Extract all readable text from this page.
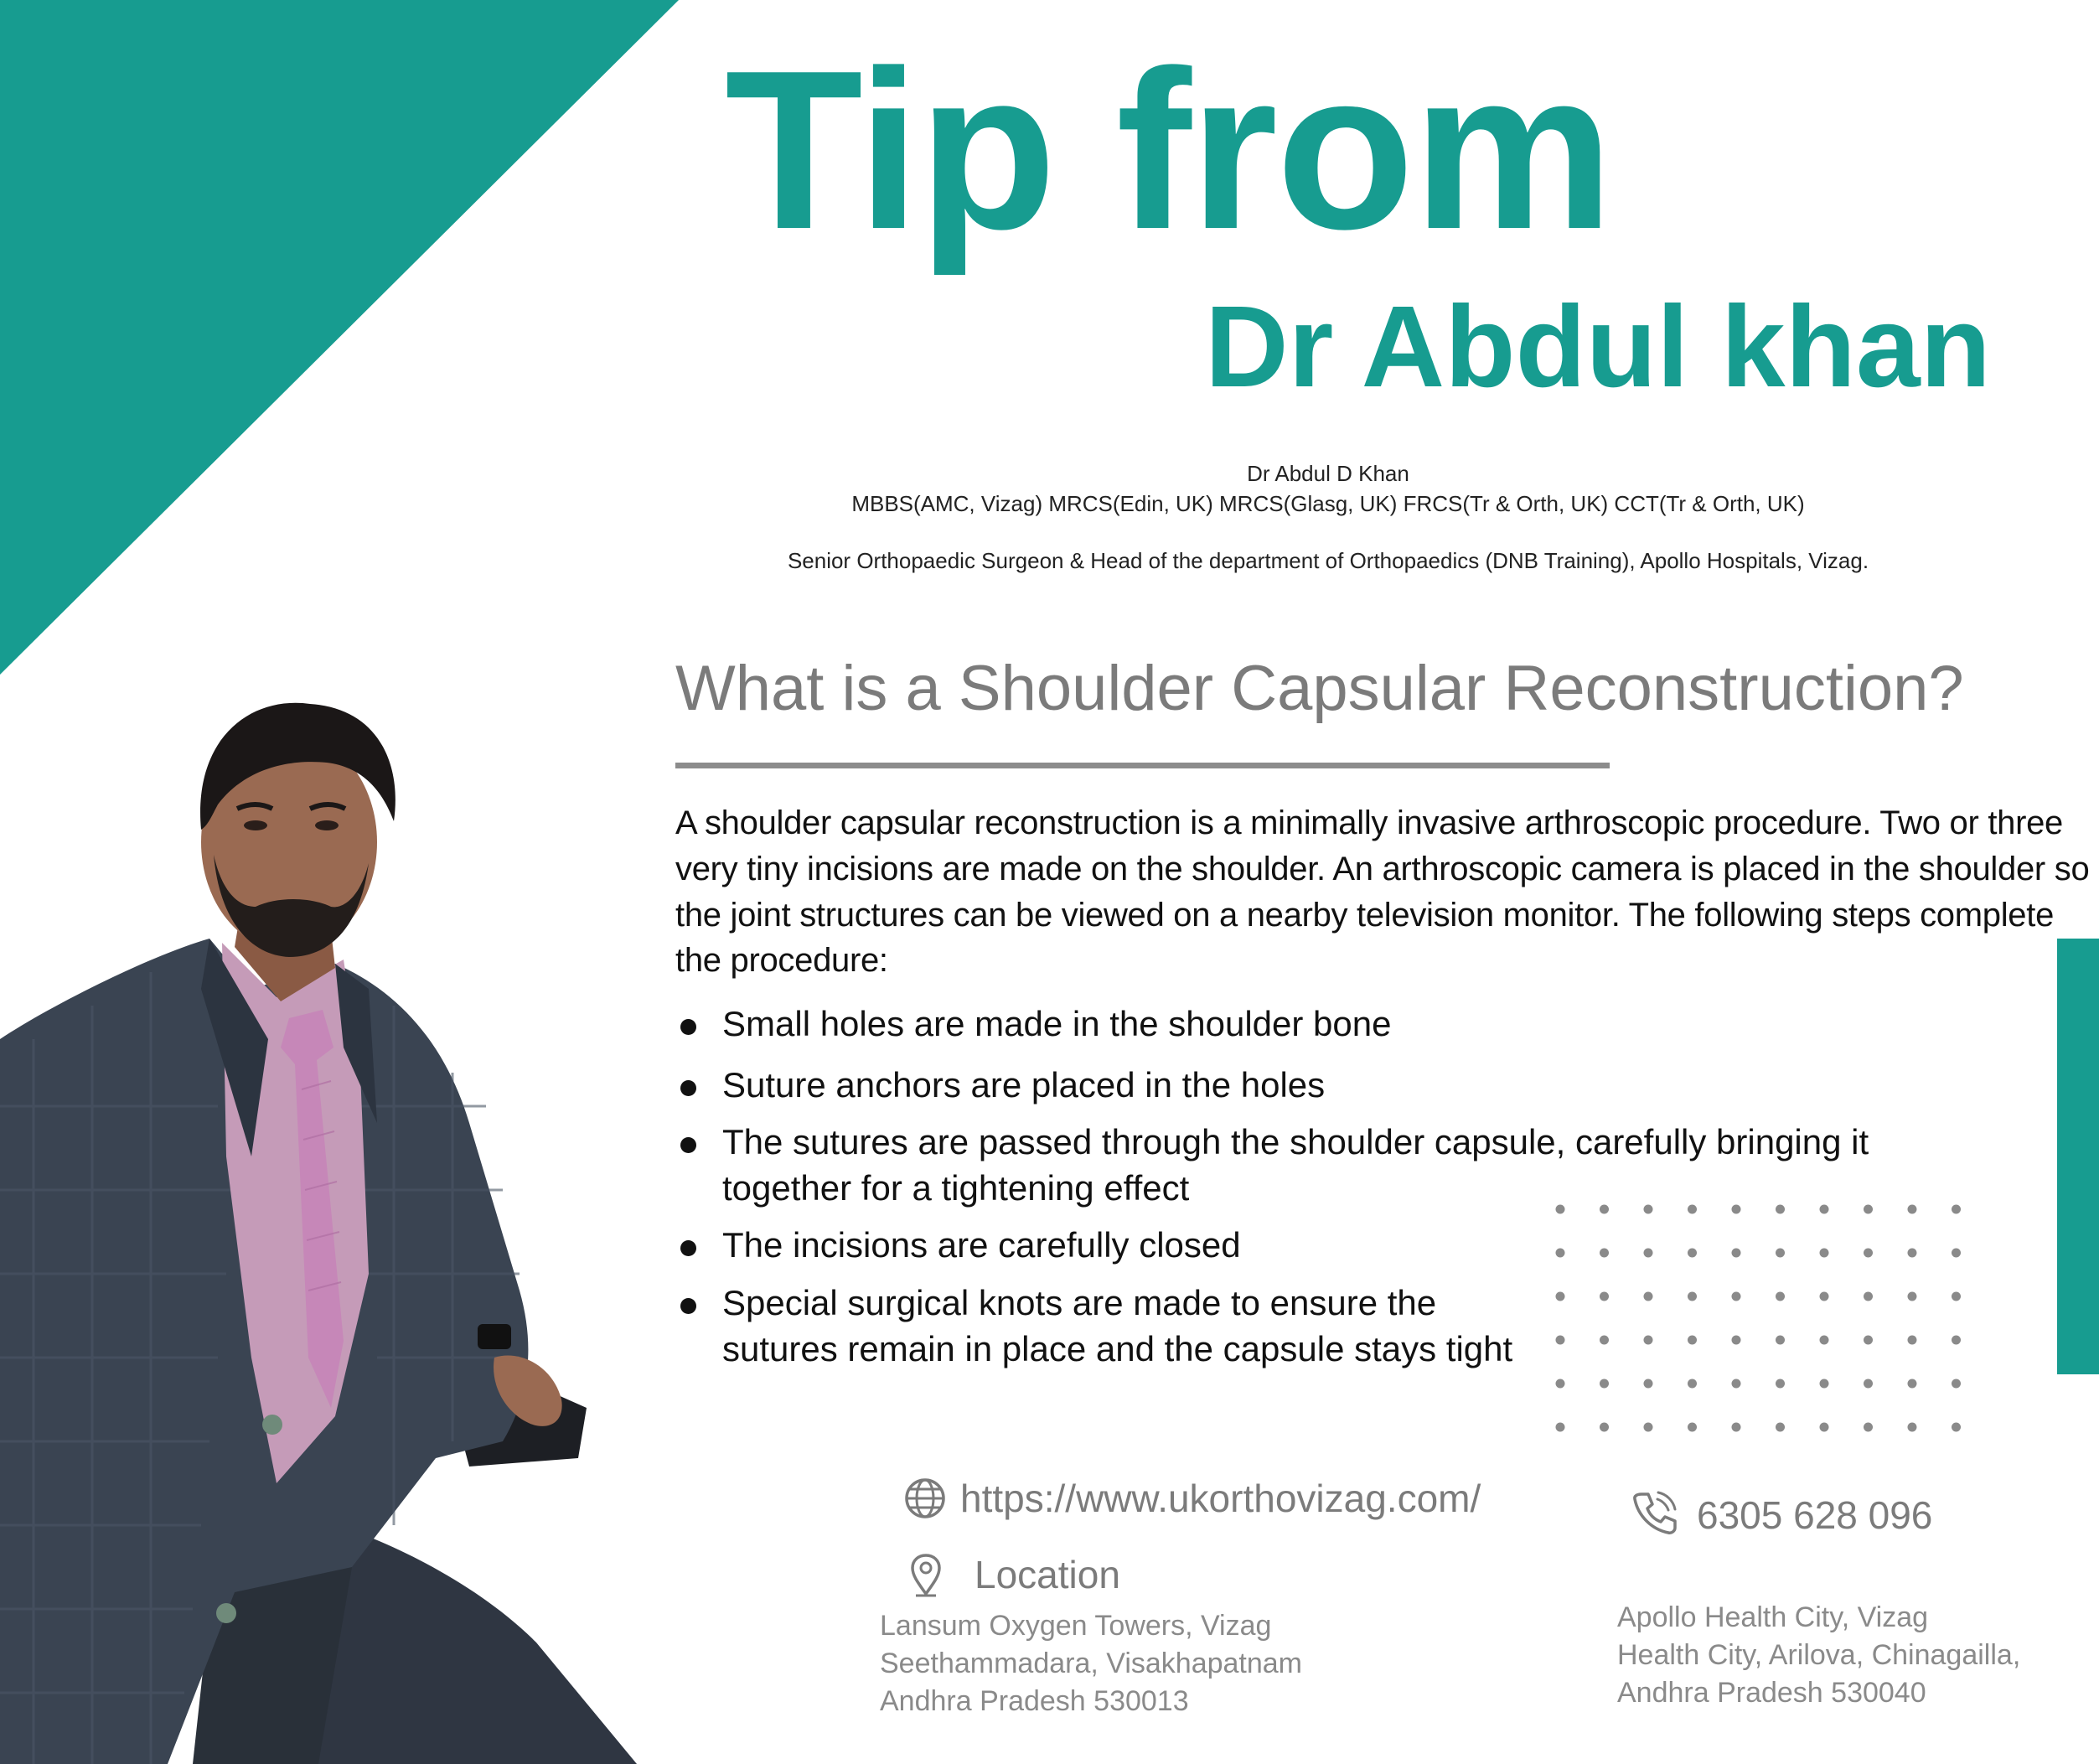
Tip from
Dr Abdul khan
Dr Abdul D Khan
MBBS(AMC, Vizag) MRCS(Edin, UK) MRCS(Glasg, UK) FRCS(Tr & Orth, UK) CCT(Tr & Orth, UK)
Senior Orthopaedic Surgeon & Head of the department of Orthopaedics (DNB Training), Apollo Hospitals, Vizag.
What is a Shoulder Capsular Reconstruction?
A shoulder capsular reconstruction is a minimally invasive arthroscopic procedure. Two or three very tiny incisions are made on the shoulder. An arthroscopic camera is placed in the shoulder so the joint structures can be viewed on a nearby television monitor. The following steps complete the procedure:
Small holes are made in the shoulder bone
Suture anchors are placed in the holes
The sutures are passed through the shoulder capsule, carefully bringing it together for a tightening effect
The incisions are carefully closed
Special surgical knots are made to ensure the sutures remain in place and the capsule stays tight
https://www.ukorthovizag.com/	6305 628 096
Location
Lansum Oxygen Towers, Vizag
Seethammadara, Visakhapatnam
Andhra Pradesh 530013
Apollo Health City, Vizag
Health City, Arilova, Chinagailla,
Andhra Pradesh 530040
